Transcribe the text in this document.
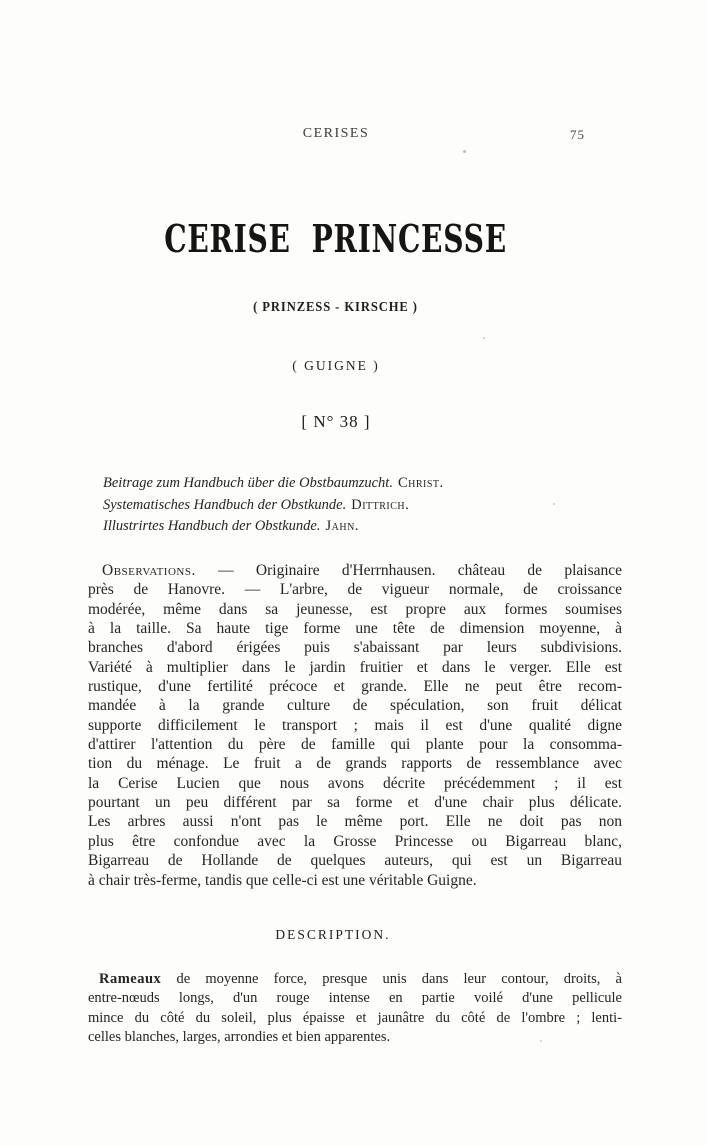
CERISES	75
CERISE PRINCESSE
( PRINZESS - KIRSCHE )
( GUIGNE )
[ N° 38 ]
Beitrage zum Handbuch über die Obstbaumzucht. Christ.
Systematisches Handbuch der Obstkunde. Dittrich.
Illustrirtes Handbuch der Obstkunde. Jahn.
Observations. — Originaire d'Herrnhausen. château de plaisance
près de Hanovre. — L'arbre, de vigueur normale, de croissance
modérée, même dans sa jeunesse, est propre aux formes soumises
à la taille. Sa haute tige forme une tête de dimension moyenne, à
branches d'abord érigées puis s'abaissant par leurs subdivisions.
Variété à multiplier dans le jardin fruitier et dans le verger. Elle est
rustique, d'une fertilité précoce et grande. Elle ne peut être recom-
mandée à la grande culture de spéculation, son fruit délicat
supporte difficilement le transport ; mais il est d'une qualité digne
d'attirer l'attention du père de famille qui plante pour la consomma-
tion du ménage. Le fruit a de grands rapports de ressemblance avec
la Cerise Lucien que nous avons décrite précédemment ; il est
pourtant un peu différent par sa forme et d'une chair plus délicate.
Les arbres aussi n'ont pas le même port. Elle ne doit pas non
plus être confondue avec la Grosse Princesse ou Bigarreau blanc,
Bigarreau de Hollande de quelques auteurs, qui est un Bigarreau
à chair très-ferme, tandis que celle-ci est une véritable Guigne.
DESCRIPTION.
Rameaux de moyenne force, presque unis dans leur contour, droits, à
entre-nœuds longs, d'un rouge intense en partie voilé d'une pellicule
mince du côté du soleil, plus épaisse et jaunâtre du côté de l'ombre ; lenti-
celles blanches, larges, arrondies et bien apparentes.
